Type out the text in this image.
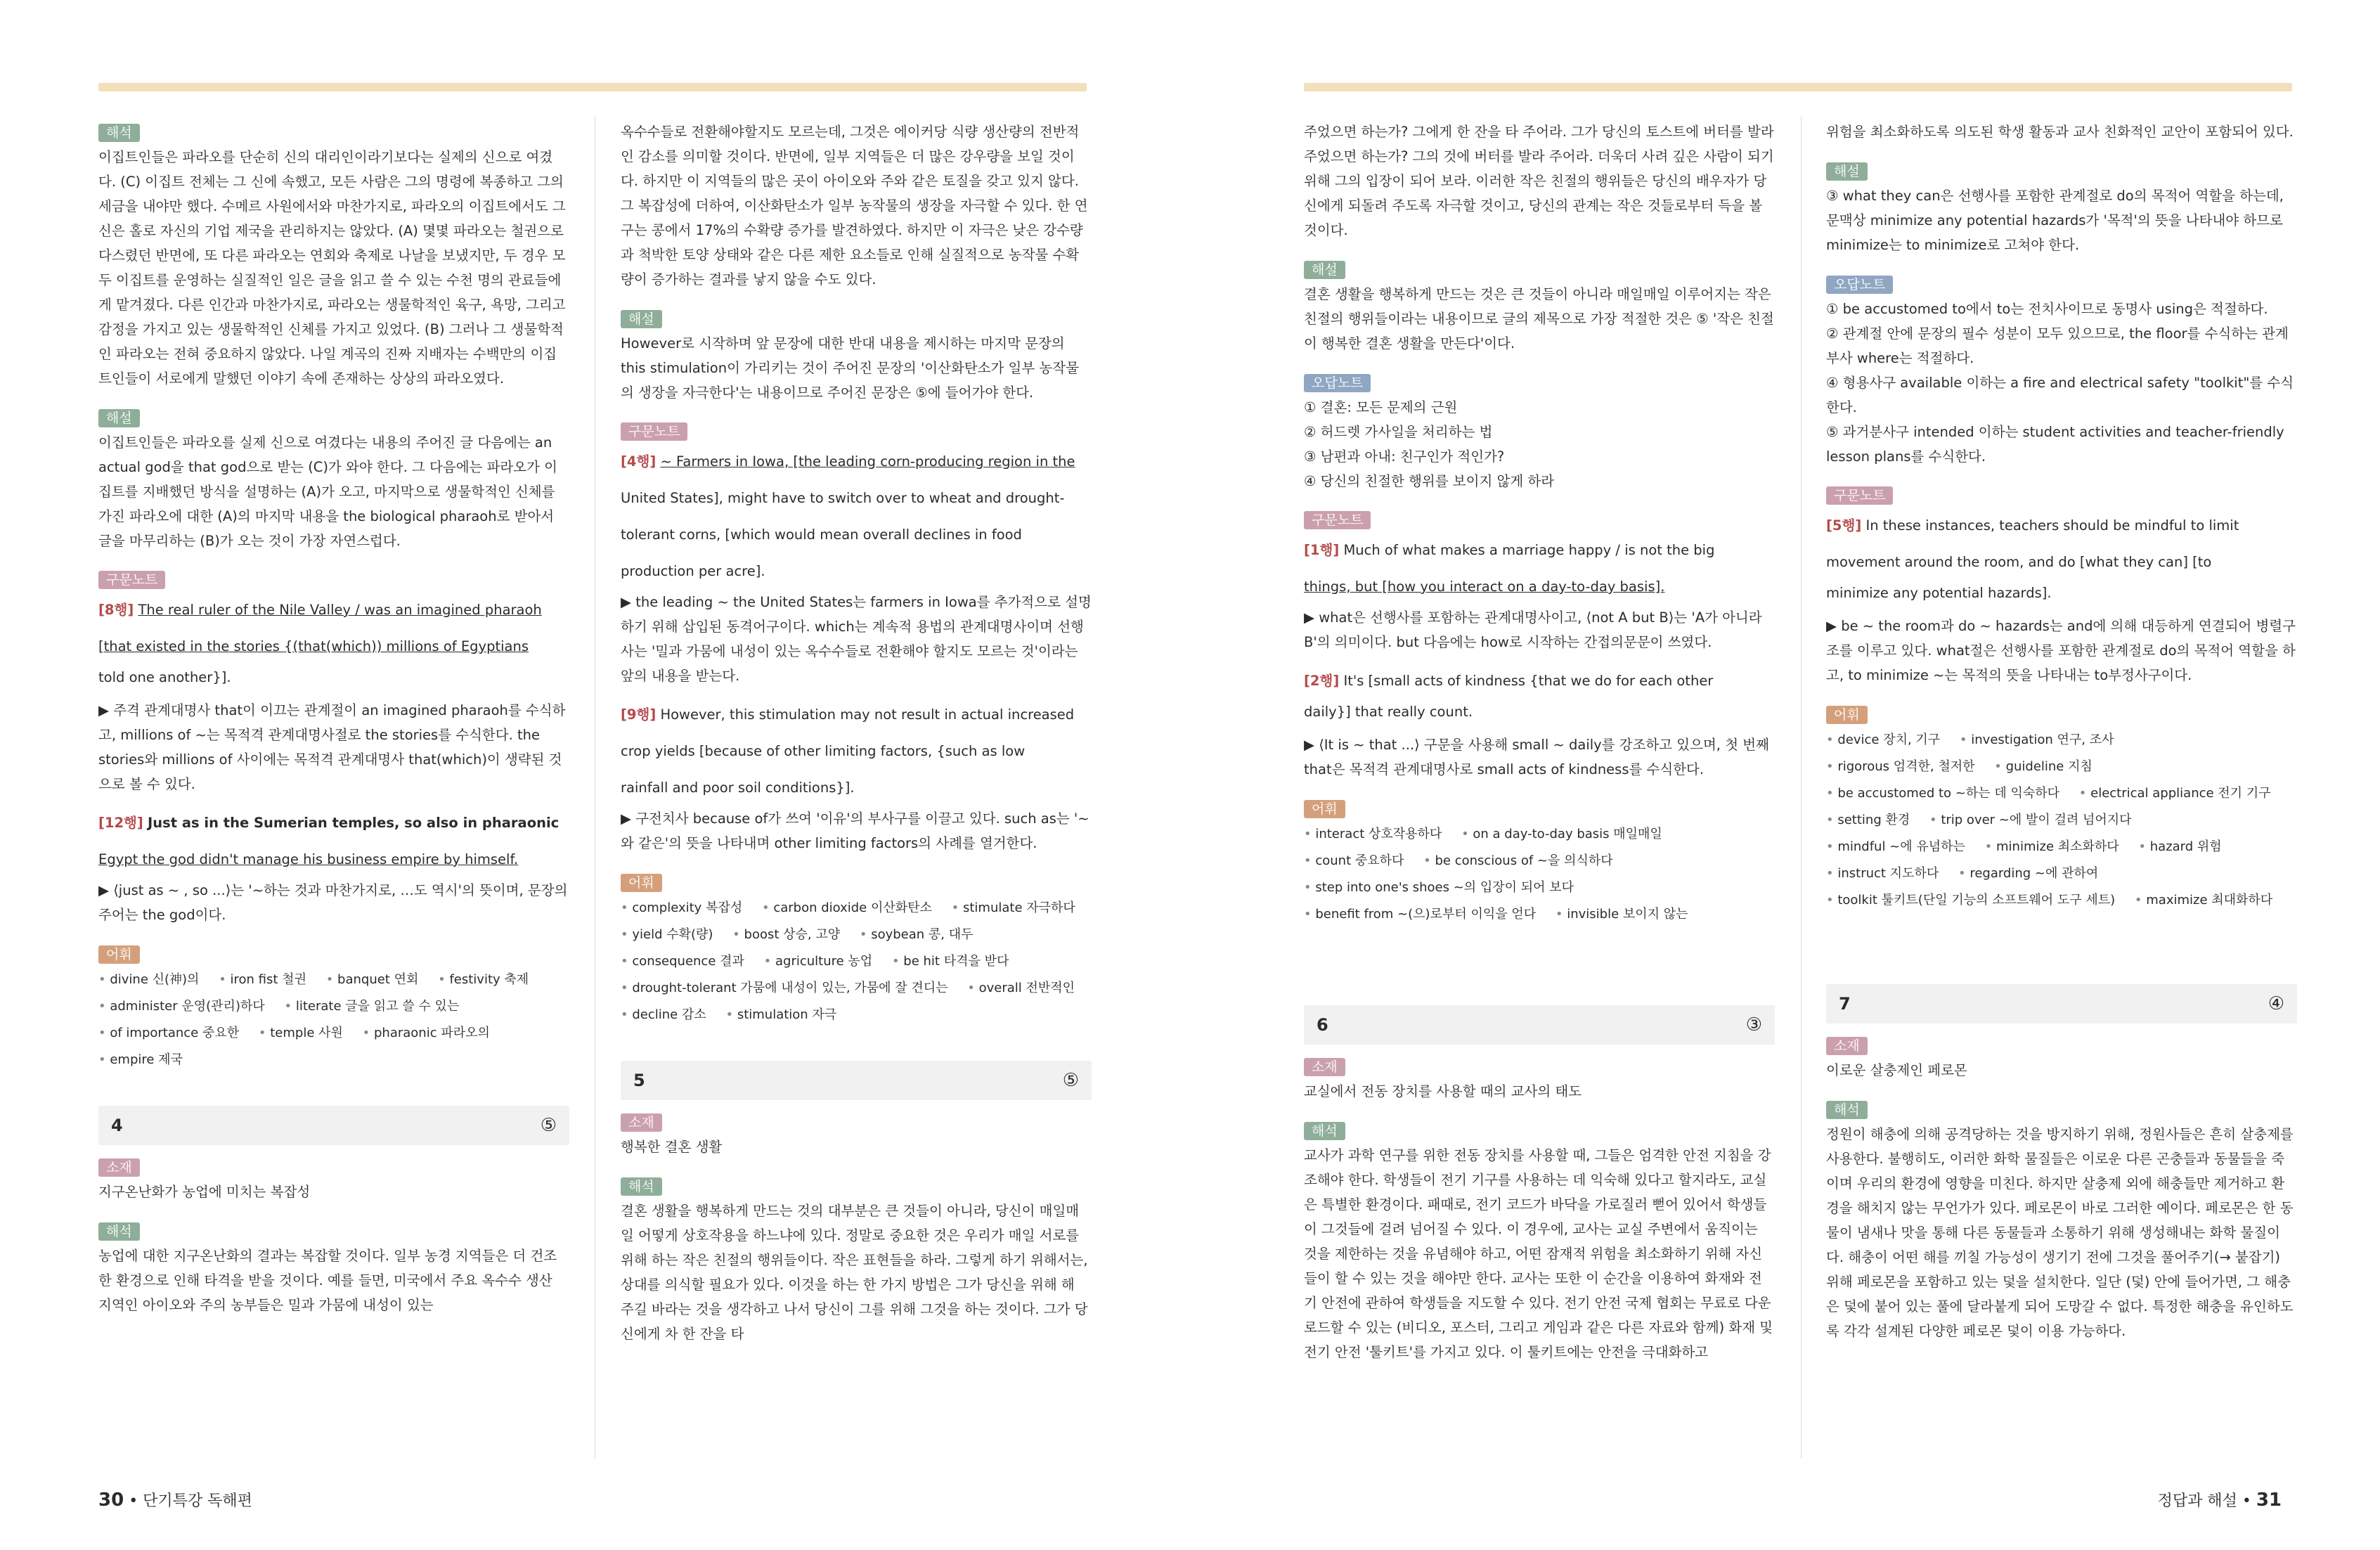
해석

이집트인들은 파라오를 단순히 신의 대리인이라기보다는 실제의 신으로 여겼다. (C) 이집트 전체는 그 신에 속했고, 모든 사람은 그의 명령에 복종하고 그의 세금을 내야만 했다. 수메르 사원에서와 마찬가지로, 파라오의 이집트에서도 그 신은 홀로 자신의 기업 제국을 관리하지는 않았다. (A) 몇몇 파라오는 철권으로 다스렸던 반면에, 또 다른 파라오는 연회와 축제로 나날을 보냈지만, 두 경우 모두 이집트를 운영하는 실질적인 일은 글을 읽고 쓸 수 있는 수천 명의 관료들에게 맡겨졌다. 다른 인간과 마찬가지로, 파라오는 생물학적인 육구, 욕망, 그리고 감정을 가지고 있는 생물학적인 신체를 가지고 있었다. (B) 그러나 그 생물학적인 파라오는 전혀 중요하지 않았다. 나일 계곡의 진짜 지배자는 수백만의 이집트인들이 서로에게 말했던 이야기 속에 존재하는 상상의 파라오였다.

해설

이집트인들은 파라오를 실제 신으로 여겼다는 내용의 주어진 글 다음에는 an actual god을 that god으로 받는 (C)가 와야 한다. 그 다음에는 파라오가 이집트를 지배했던 방식을 설명하는 (A)가 오고, 마지막으로 생물학적인 신체를 가진 파라오에 대한 (A)의 마지막 내용을 the biological pharaoh로 받아서 글을 마무리하는 (B)가 오는 것이 가장 자연스럽다.

구문노트

[8행] The real ruler of the Nile Valley / was an imagined pharaoh

[that existed in the stories {(that(which)) millions of Egyptians

told one another}].

▶ 주격 관계대명사 that이 이끄는 관계절이 an imagined pharaoh를 수식하고, millions of ~는 목적격 관계대명사절로 the stories를 수식한다. the stories와 millions of 사이에는 목적격 관계대명사 that(which)이 생략된 것으로 볼 수 있다.

[12행] Just as in the Sumerian temples, so also in pharaonic

Egypt the god didn't manage his business empire by himself.

▶ ⟨just as ~ , so ...⟩는 '~하는 것과 마찬가지로, …도 역시'의 뜻이며, 문장의 주어는 the god이다.

어휘
• divine 신(神)의 • iron fist 철권 • banquet 연회 • festivity 축제 • administer 운영(관리)하다 • literate 글을 읽고 쓸 수 있는 • of importance 중요한 • temple 사원 • pharaonic 파라오의 • empire 제국
4	⑤
소재

지구온난화가 농업에 미치는 복잡성

해석

농업에 대한 지구온난화의 결과는 복잡할 것이다. 일부 농경 지역들은 더 건조한 환경으로 인해 타격을 받을 것이다. 예를 들면, 미국에서 주요 옥수수 생산 지역인 아이오와 주의 농부들은 밀과 가뭄에 내성이 있는

옥수수들로 전환해야할지도 모르는데, 그것은 에이커당 식량 생산량의 전반적인 감소를 의미할 것이다. 반면에, 일부 지역들은 더 많은 강우량을 보일 것이다. 하지만 이 지역들의 많은 곳이 아이오와 주와 같은 토질을 갖고 있지 않다. 그 복잡성에 더하여, 이산화탄소가 일부 농작물의 생장을 자극할 수 있다. 한 연구는 콩에서 17%의 수확량 증가를 발견하였다. 하지만 이 자극은 낮은 강수량과 척박한 토양 상태와 같은 다른 제한 요소들로 인해 실질적으로 농작물 수확량이 증가하는 결과를 낳지 않을 수도 있다.

해설

However로 시작하며 앞 문장에 대한 반대 내용을 제시하는 마지막 문장의 this stimulation이 가리키는 것이 주어진 문장의 '이산화탄소가 일부 농작물의 생장을 자극한다'는 내용이므로 주어진 문장은 ⑤에 들어가야 한다.

구문노트

[4행] ~ Farmers in Iowa, [the leading corn-producing region in the

United States], might have to switch over to wheat and drought-

tolerant corns, [which would mean overall declines in food

production per acre].

▶ the leading ~ the United States는 farmers in Iowa를 추가적으로 설명하기 위해 삽입된 동격어구이다. which는 계속적 용법의 관계대명사이며 선행사는 '밀과 가뭄에 내성이 있는 옥수수들로 전환해야 할지도 모르는 것'이라는 앞의 내용을 받는다.

[9행] However, this stimulation may not result in actual increased

crop yields [because of other limiting factors, {such as low

rainfall and poor soil conditions}].

▶ 구전치사 because of가 쓰여 '이유'의 부사구를 이끌고 있다. such as는 '~와 같은'의 뜻을 나타내며 other limiting factors의 사례를 열거한다.

어휘
• complexity 복잡성 • carbon dioxide 이산화탄소 • stimulate 자극하다 • yield 수확(량) • boost 상승, 고양 • soybean 콩, 대두 • consequence 결과 • agriculture 농업 • be hit 타격을 받다 • drought-tolerant 가뭄에 내성이 있는, 가뭄에 잘 견디는 • overall 전반적인 • decline 감소 • stimulation 자극
5	⑤
소재

행복한 결혼 생활

해석

결혼 생활을 행복하게 만드는 것의 대부분은 큰 것들이 아니라, 당신이 매일매일 어떻게 상호작용을 하느냐에 있다. 정말로 중요한 것은 우리가 매일 서로를 위해 하는 작은 친절의 행위들이다. 작은 표현들을 하라. 그렇게 하기 위해서는, 상대를 의식할 필요가 있다. 이것을 하는 한 가지 방법은 그가 당신을 위해 해 주길 바라는 것을 생각하고 나서 당신이 그를 위해 그것을 하는 것이다. 그가 당신에게 차 한 잔을 타

주었으면 하는가? 그에게 한 잔을 타 주어라. 그가 당신의 토스트에 버터를 발라 주었으면 하는가? 그의 것에 버터를 발라 주어라. 더욱더 사려 깊은 사람이 되기 위해 그의 입장이 되어 보라. 이러한 작은 친절의 행위들은 당신의 배우자가 당신에게 되돌려 주도록 자극할 것이고, 당신의 관계는 작은 것들로부터 득을 볼 것이다.

해설

결혼 생활을 행복하게 만드는 것은 큰 것들이 아니라 매일매일 이루어지는 작은 친절의 행위들이라는 내용이므로 글의 제목으로 가장 적절한 것은 ⑤ '작은 친절이 행복한 결혼 생활을 만든다'이다.

오답노트

① 결혼: 모든 문제의 근원

② 허드렛 가사일을 처리하는 법

③ 남편과 아내: 친구인가 적인가?

④ 당신의 친절한 행위를 보이지 않게 하라

구문노트

[1행] Much of what makes a marriage happy / is not the big

things, but [how you interact on a day-to-day basis].

▶ what은 선행사를 포함하는 관계대명사이고, ⟨not A but B⟩는 'A가 아니라 B'의 의미이다. but 다음에는 how로 시작하는 간접의문문이 쓰였다.

[2행] It's [small acts of kindness {that we do for each other

daily}] that really count.

▶ ⟨It is ~ that ...⟩ 구문을 사용해 small ~ daily를 강조하고 있으며, 첫 번째 that은 목적격 관계대명사로 small acts of kindness를 수식한다.

어휘
• interact 상호작용하다 • on a day-to-day basis 매일매일 • count 중요하다 • be conscious of ~을 의식하다 • step into one's shoes ~의 입장이 되어 보다 • benefit from ~(으)로부터 이익을 얻다 • invisible 보이지 않는
6	③
소재

교실에서 전동 장치를 사용할 때의 교사의 태도

해석

교사가 과학 연구를 위한 전동 장치를 사용할 때, 그들은 엄격한 안전 지침을 강조해야 한다. 학생들이 전기 기구를 사용하는 데 익숙해 있다고 할지라도, 교실은 특별한 환경이다. 패때로, 전기 코드가 바닥을 가로질러 뻗어 있어서 학생들이 그것들에 걸려 넘어질 수 있다. 이 경우에, 교사는 교실 주변에서 움직이는 것을 제한하는 것을 유념해야 하고, 어떤 잠재적 위험을 최소화하기 위해 자신들이 할 수 있는 것을 해야만 한다. 교사는 또한 이 순간을 이용하여 화재와 전기 안전에 관하여 학생들을 지도할 수 있다. 전기 안전 국제 협회는 무료로 다운로드할 수 있는 (비디오, 포스터, 그리고 게임과 같은 다른 자료와 함께) 화재 및 전기 안전 '툴키트'를 가지고 있다. 이 툴키트에는 안전을 극대화하고

위험을 최소화하도록 의도된 학생 활동과 교사 친화적인 교안이 포함되어 있다.

해설

③ what they can은 선행사를 포함한 관계절로 do의 목적어 역할을 하는데, 문맥상 minimize any potential hazards가 '목적'의 뜻을 나타내야 하므로 minimize는 to minimize로 고쳐야 한다.

오답노트

① be accustomed to에서 to는 전치사이므로 동명사 using은 적절하다.

② 관계절 안에 문장의 필수 성분이 모두 있으므로, the floor를 수식하는 관계부사 where는 적절하다.

④ 형용사구 available 이하는 a fire and electrical safety "toolkit"를 수식한다.

⑤ 과거분사구 intended 이하는 student activities and teacher-friendly lesson plans를 수식한다.

구문노트

[5행] In these instances, teachers should be mindful to limit

movement around the room, and do [what they can] [to

minimize any potential hazards].

▶ be ~ the room과 do ~ hazards는 and에 의해 대등하게 연결되어 병렬구조를 이루고 있다. what절은 선행사를 포함한 관계절로 do의 목적어 역할을 하고, to minimize ~는 목적의 뜻을 나타내는 to부정사구이다.

어휘
• device 장치, 기구 • investigation 연구, 조사 • rigorous 엄격한, 철저한 • guideline 지침 • be accustomed to ~하는 데 익숙하다 • electrical appliance 전기 기구 • setting 환경 • trip over ~에 발이 걸려 넘어지다 • mindful ~에 유념하는 • minimize 최소화하다 • hazard 위험 • instruct 지도하다 • regarding ~에 관하여 • toolkit 툴키트(단일 기능의 소프트웨어 도구 세트) • maximize 최대화하다
7	④
소재

이로운 살충제인 페로몬

해석

정원이 해충에 의해 공격당하는 것을 방지하기 위해, 정원사들은 흔히 살충제를 사용한다. 불행히도, 이러한 화학 물질들은 이로운 다른 곤충들과 동물들을 죽이며 우리의 환경에 영향을 미친다. 하지만 살충제 외에 해충들만 제거하고 환경을 해치지 않는 무언가가 있다. 페로몬이 바로 그러한 예이다. 페로몬은 한 동물이 냄새나 맛을 통해 다른 동물들과 소통하기 위해 생성해내는 화학 물질이다. 해충이 어떤 해를 끼칠 가능성이 생기기 전에 그것을 풀어주기(→ 붙잡기) 위해 페로몬을 포함하고 있는 덫을 설치한다. 일단 (덫) 안에 들어가면, 그 해충은 덫에 붙어 있는 풀에 달라붙게 되어 도망갈 수 없다. 특정한 해충을 유인하도록 각각 설계된 다양한 페로몬 덫이 이용 가능하다.

30 • 단기특강 독해편	정답과 해설 • 31
